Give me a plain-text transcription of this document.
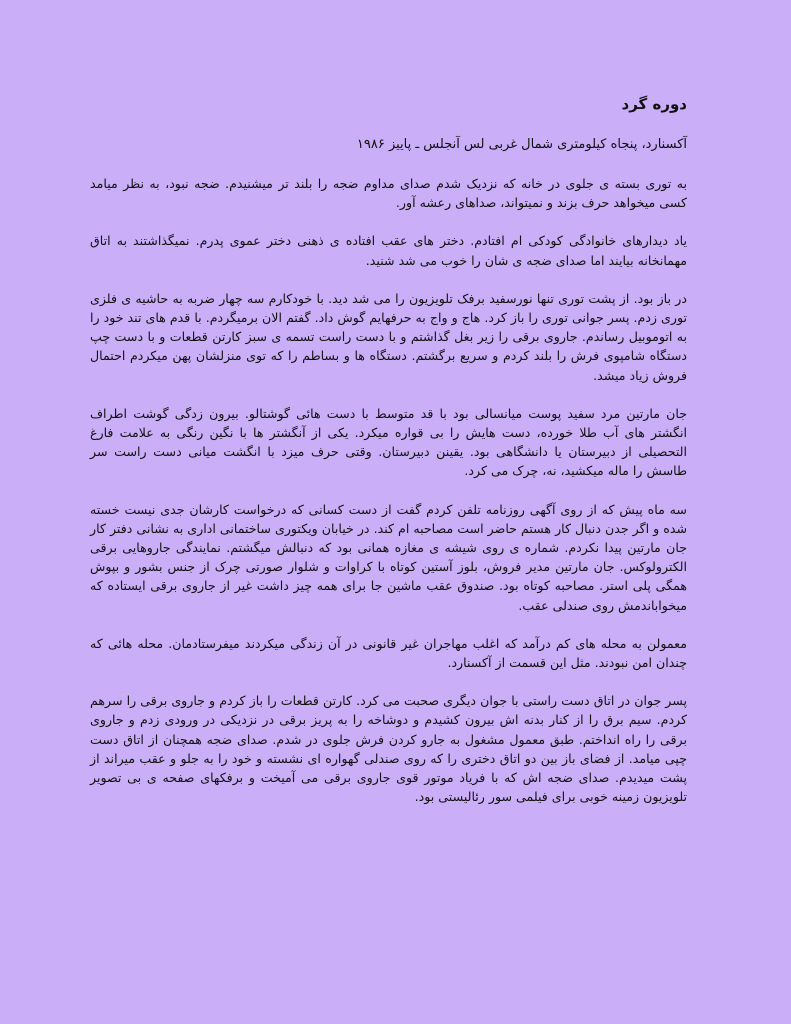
دوره گرد
آکسنارد، پنجاه کیلومتری شمال غربی لس آنجلس ـ پاییز ۱۹۸۶

به توری بسته ی جلوی در خانه که نزدیک شدم صدای مداوم ضجه را بلند تر میشنیدم. ضجه نبود، به نظر میامد کسی میخواهد حرف بزند و نمیتواند، صداهای رعشه آور.

یاد دیدارهای خانوادگی کودکی ام افتادم. دختر های عقب افتاده ی ذهنی دختر عموی پدرم. نمیگذاشتند به اتاق مهمانخانه بیایند اما صدای ضجه ی شان را خوب می شد شنید.

در باز بود. از پشت توری تنها نورسفید برفک تلویزیون را می شد دید. با خودکارم سه چهار ضربه به حاشیه ی فلزی توری زدم. پسر جوانی توری را باز کرد. هاج و واج به حرفهایم گوش داد. گفتم الان برمیگردم. با قدم های تند خود را به اتوموبیل رساندم. جاروی برقی را زیر بغل گذاشتم و با دست راست تسمه ی سبز کارتن قطعات و با دست چپ دستگاه شامپوی فرش را بلند کردم و سریع برگشتم. دستگاه ها و بساطم را که توی منزلشان پهن میکردم احتمال فروش زیاد میشد.

جان مارتین مرد سفید پوست میانسالی بود با قد متوسط با دست هائی گوشتالو. بیرون زدگی گوشت اطراف انگشتر های آب طلا خورده، دست هایش را بی قواره میکرد. یکی از آنگشتر ها با نگین رنگی به علامت فارغ التحصیلی از دبیرستان یا دانشگاهی بود. یقینن دبیرستان. وقتی حرف میزد با انگشت میانی دست راست سر طاسش را ماله میکشید، نه، چرک می کرد.

سه ماه پیش که از روی آگهی روزنامه تلفن کردم گفت از دست کسانی که درخواست کارشان جدی نیست خسته شده و اگر جدن دنبال کار هستم حاضر است مصاحبه ام کند. در خیابان ویکتوری ساختمانی اداری به نشانی دفتر کار جان مارتین پیدا نکردم. شماره ی روی شیشه ی مغازه همانی بود که دنبالش میگشتم. نمایندگی جاروهایی برقی الکترولوکس. جان مارتین مدیر فروش، بلوز آستین کوتاه با کراوات و شلوار صورتی چرک از جنس بشور و بپوش همگی پلی استر. مصاحبه کوتاه بود. صندوق عقب ماشین جا برای همه چیز داشت غیر از جاروی برقی ایستاده که میخواباندمش روی صندلی عقب.

معمولن به محله های کم درآمد که اغلب مهاجران غیر قانونی در آن زندگی میکردند میفرستادمان. محله هائی که چندان امن نبودند. مثل این قسمت از آکسنارد.

پسر جوان در اتاق دست راستی با جوان دیگری صحبت می کرد. کارتن قطعات را باز کردم و جاروی برقی را سرهم کردم. سیم برق را از کنار بدنه اش بیرون کشیدم و دوشاخه را به پریز برقی در نزدیکی در ورودی زدم و جاروی برقی را راه انداختم. طبق معمول مشغول به جارو کردن فرش جلوی در شدم. صدای ضجه همچنان از اتاق دست چپی میامد. از فضای باز بین دو اتاق دختری را که روی صندلی گهواره ای نشسته و خود را به جلو و عقب میراند از پشت میدیدم. صدای ضجه اش که با فریاد موتور قوی جاروی برقی می آمیخت و برفکهای صفحه ی بی تصویر تلویزیون زمینه خوبی برای فیلمی سور رئالیستی بود.
